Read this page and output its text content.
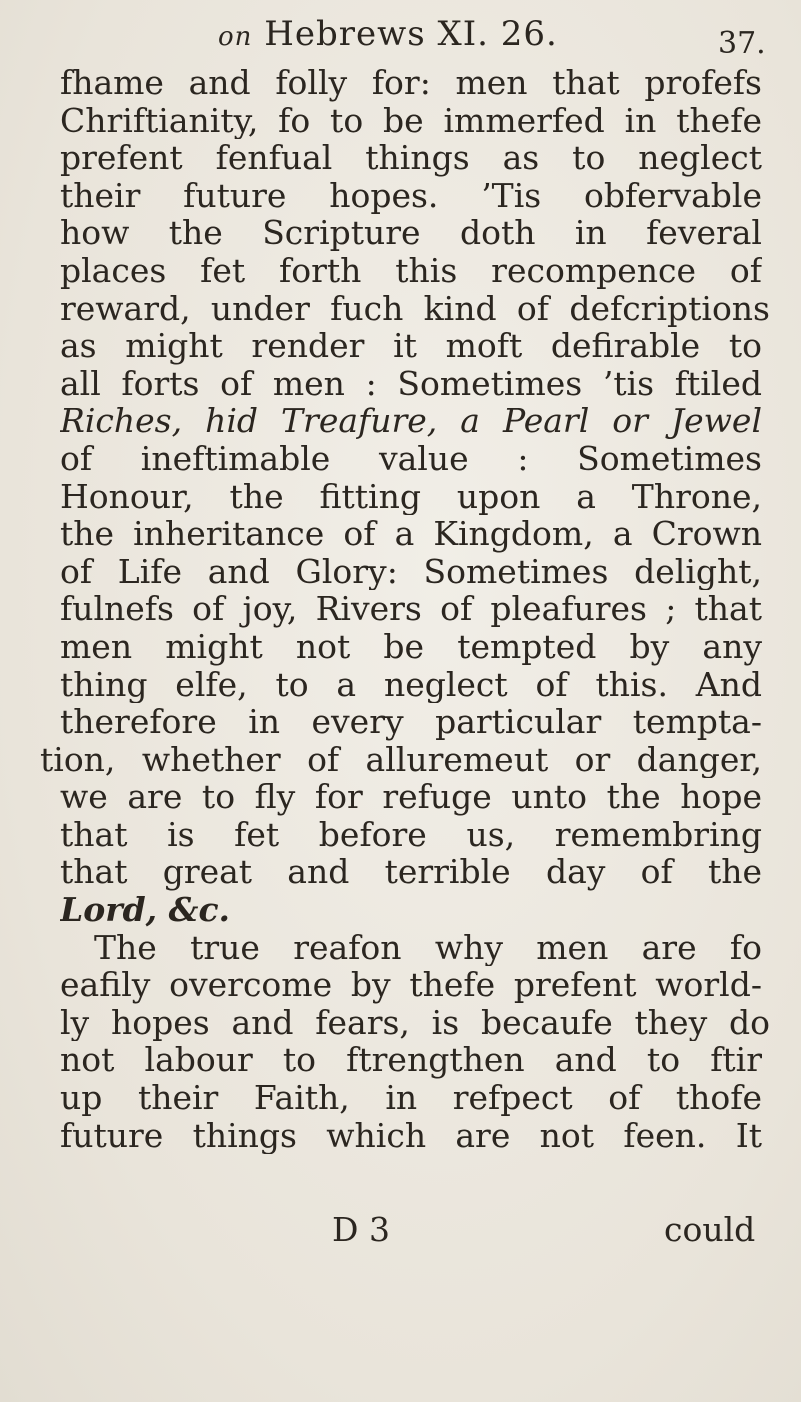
on Hebrews XI. 26.	37.
fhame and folly for: men that profefs
Chriftianity, fo to be immerfed in thefe
prefent fenfual things as to neglect
their future hopes. ’Tis obfervable
how the Scripture doth in feveral
places fet forth this recompence of
reward, under fuch kind of defcriptions
as might render it moft defirable to
all forts of men : Sometimes ’tis ftiled
Riches, hid Treafure, a Pearl or Jewel
of ineftimable value : Sometimes
Honour, the fitting upon a Throne,
the inheritance of a Kingdom, a Crown
of Life and Glory: Sometimes delight,
fulnefs of joy, Rivers of pleafures ; that
men might not be tempted by any
thing elfe, to a neglect of this. And
therefore in every particular tempta-
tion, whether of alluremeut or danger,
we are to fly for refuge unto the hope
that is fet before us, remembring
that great and terrible day of the
Lord, &c.
The true reafon why men are fo
eafily overcome by thefe prefent world-
ly hopes and fears, is becaufe they do
not labour to ftrengthen and to ftir
up their Faith, in refpect of thofe
future things which are not feen. It
D 3	could
